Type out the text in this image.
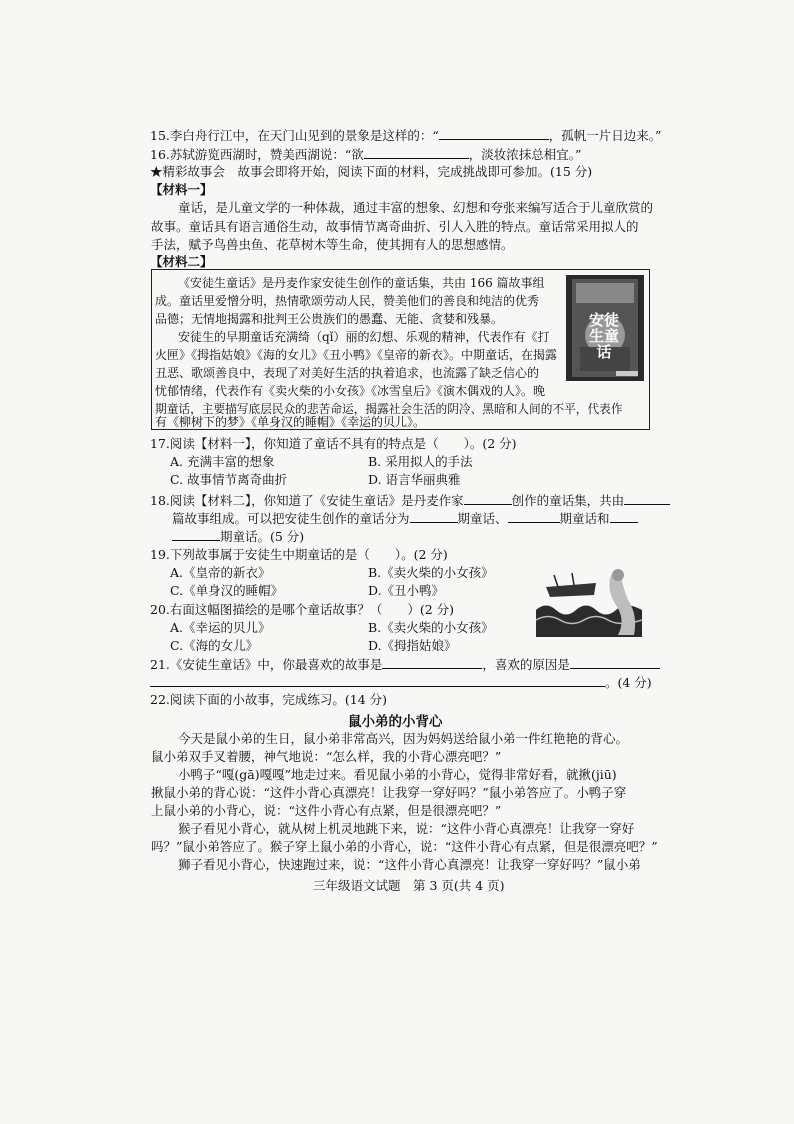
15.李白舟行江中，在天门山见到的景象是这样的：“	，孤帆一片日边来。”
16.苏轼游览西湖时，赞美西湖说：“欲	，淡妆浓抹总相宜。”
★精彩故事会　故事会即将开始，阅读下面的材料，完成挑战即可参加。(15 分)
【材料一】
童话，是儿童文学的一种体裁，通过丰富的想象、幻想和夸张来编写适合于儿童欣赏的
故事。童话具有语言通俗生动，故事情节离奇曲折、引人入胜的特点。童话常采用拟人的
手法，赋予鸟兽虫鱼、花草树木等生命，使其拥有人的思想感情。
【材料二】
《安徒生童话》是丹麦作家安徒生创作的童话集，共由 166 篇故事组
成。童话里爱憎分明，热情歌颂劳动人民，赞美他们的善良和纯洁的优秀
品德；无情地揭露和批判王公贵族们的愚蠢、无能、贪婪和残暴。
安徒生的早期童话充满绮（qǐ）丽的幻想、乐观的精神，代表作有《打
火匣》《拇指姑娘》《海的女儿》《丑小鸭》《皇帝的新衣》。中期童话，在揭露
丑恶、歌颂善良中，表现了对美好生活的执着追求，也流露了缺乏信心的
忧郁情绪，代表作有《卖火柴的小女孩》《冰雪皇后》《演木偶戏的人》。晚
期童话，主要描写底层民众的悲苦命运，揭露社会生活的阴冷、黑暗和人间的不平，代表作
有《柳树下的梦》《单身汉的睡帽》《幸运的贝儿》。
安徒生童话
17.阅读【材料一】，你知道了童话不具有的特点是（　　）。(2 分)
A. 充满丰富的想象	B. 采用拟人的手法
C. 故事情节离奇曲折	D. 语言华丽典雅
18.阅读【材料二】，你知道了《安徒生童话》是丹麦作家	创作的童话集，共由
篇故事组成。可以把安徒生创作的童话分为	期童话、	期童话和
期童话。(5 分)
19.下列故事属于安徒生中期童话的是（　　）。(2 分)
A.《皇帝的新衣》	B.《卖火柴的小女孩》
C.《单身汉的睡帽》	D.《丑小鸭》
20.右面这幅图描绘的是哪个童话故事？（　　）(2 分)
A.《幸运的贝儿》	B.《卖火柴的小女孩》
C.《海的女儿》	D.《拇指姑娘》
21.《安徒生童话》中，你最喜欢的故事是	，喜欢的原因是
。(4 分)
22.阅读下面的小故事，完成练习。(14 分)
鼠小弟的小背心
今天是鼠小弟的生日，鼠小弟非常高兴，因为妈妈送给鼠小弟一件红艳艳的背心。
鼠小弟双手叉着腰，神气地说：“怎么样，我的小背心漂亮吧？”
小鸭子“嘎(gā)嘎嘎”地走过来。看见鼠小弟的小背心，觉得非常好看，就揪(jiū)
揪鼠小弟的背心说：“这件小背心真漂亮！让我穿一穿好吗？”鼠小弟答应了。小鸭子穿
上鼠小弟的小背心，说：“这件小背心有点紧，但是很漂亮吧？”
猴子看见小背心，就从树上机灵地跳下来，说：“这件小背心真漂亮！让我穿一穿好
吗？”鼠小弟答应了。猴子穿上鼠小弟的小背心，说：“这件小背心有点紧，但是很漂亮吧？”
狮子看见小背心，快速跑过来，说：“这件小背心真漂亮！让我穿一穿好吗？”鼠小弟
三年级语文试题　第 3 页(共 4 页)
